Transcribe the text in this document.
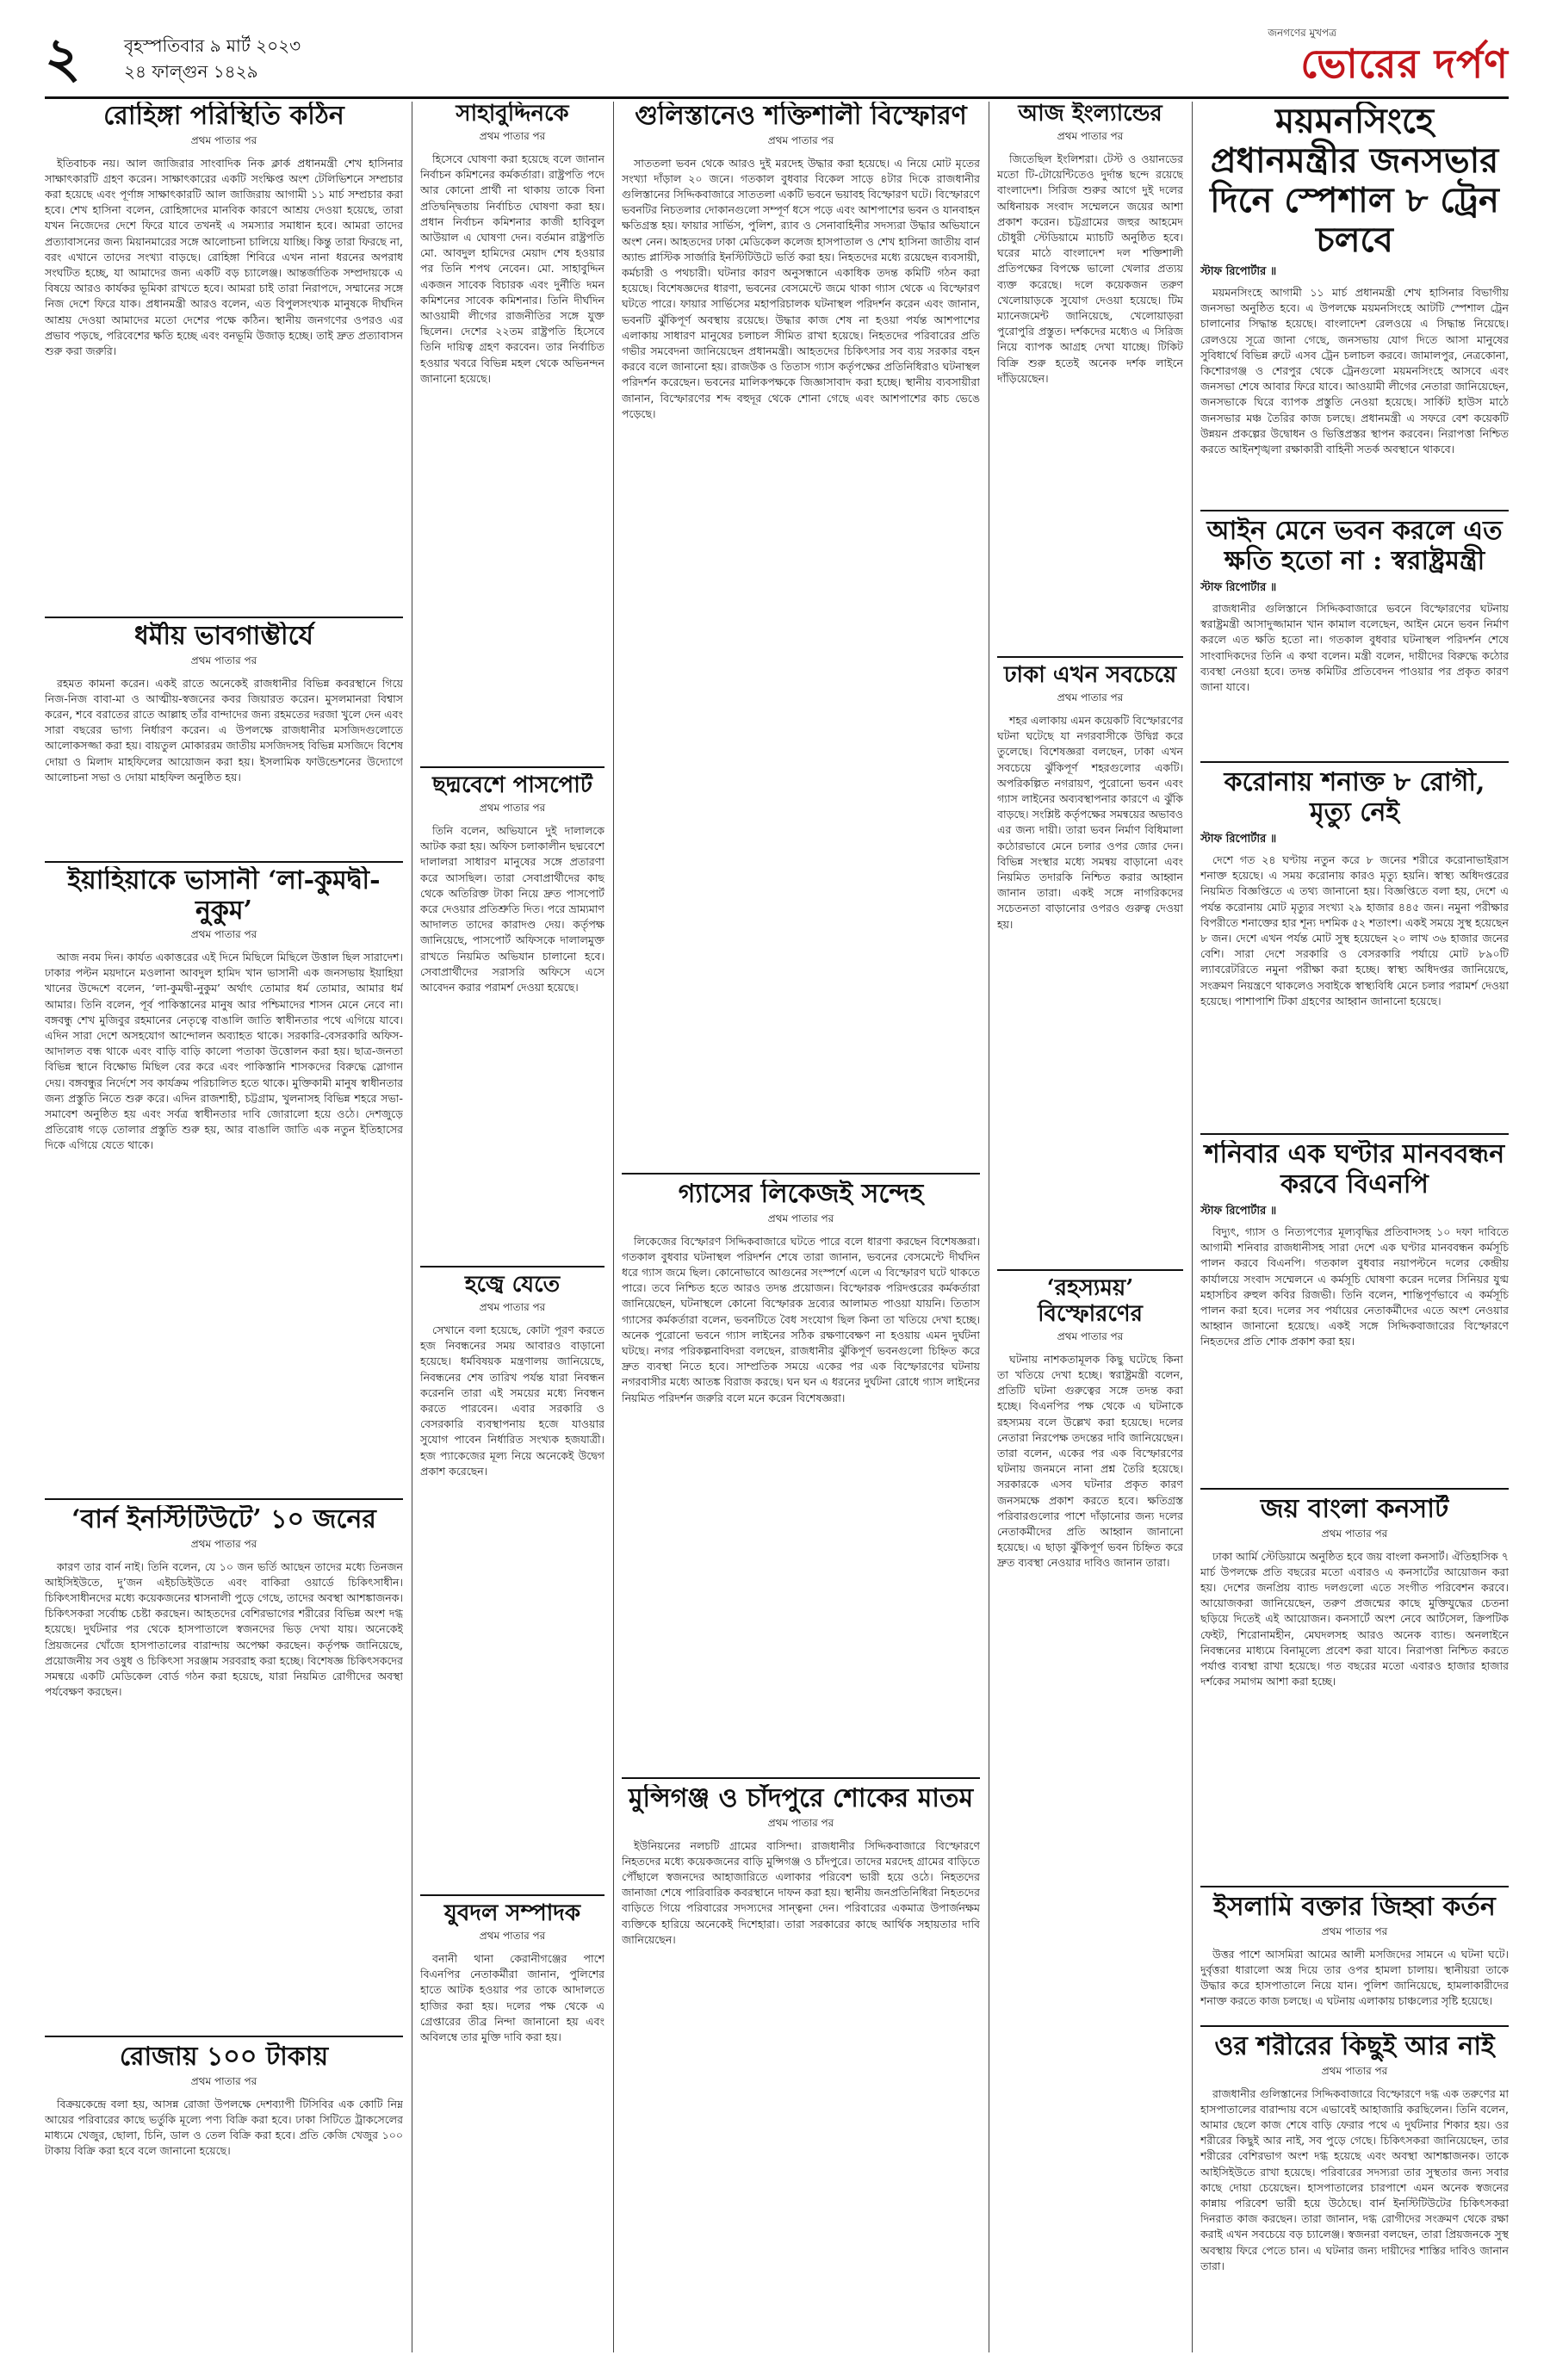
২	বৃহস্পতিবার ৯ মার্ট ২০২৩
২৪ ফাল্গুন ১৪২৯
জনগণের মুখপত্র
ভোরের দর্পণ
রোহিঙ্গা পরিস্থিতি কঠিন
প্রথম পাতার পর

ইতিবাচক নয়। আল জাজিরার সাংবাদিক নিক ক্লার্ক প্রধানমন্ত্রী শেখ হাসিনার সাক্ষাৎকারটি গ্রহণ করেন। সাক্ষাৎকারের একটি সংক্ষিপ্ত অংশ টেলিভিশনে সম্প্রচার করা হয়েছে এবং পূর্ণাঙ্গ সাক্ষাৎকারটি আল জাজিরায় আগামী ১১ মার্চ সম্প্রচার করা হবে। শেখ হাসিনা বলেন, রোহিঙ্গাদের মানবিক কারণে আশ্রয় দেওয়া হয়েছে, তারা যখন নিজেদের দেশে ফিরে যাবে তখনই এ সমস্যার সমাধান হবে। আমরা তাদের প্রত্যাবাসনের জন্য মিয়ানমারের সঙ্গে আলোচনা চালিয়ে যাচ্ছি। কিন্তু তারা ফিরছে না, বরং এখানে তাদের সংখ্যা বাড়ছে। রোহিঙ্গা শিবিরে এখন নানা ধরনের অপরাধ সংঘটিত হচ্ছে, যা আমাদের জন্য একটি বড় চ্যালেঞ্জ। আন্তর্জাতিক সম্প্রদায়কে এ বিষয়ে আরও কার্যকর ভূমিকা রাখতে হবে। আমরা চাই তারা নিরাপদে, সম্মানের সঙ্গে নিজ দেশে ফিরে যাক। প্রধানমন্ত্রী আরও বলেন, এত বিপুলসংখ্যক মানুষকে দীর্ঘদিন আশ্রয় দেওয়া আমাদের মতো দেশের পক্ষে কঠিন। স্থানীয় জনগণের ওপরও এর প্রভাব পড়ছে, পরিবেশের ক্ষতি হচ্ছে এবং বনভূমি উজাড় হচ্ছে। তাই দ্রুত প্রত্যাবাসন শুরু করা জরুরি।

ধর্মীয় ভাবগাম্ভীর্যে
প্রথম পাতার পর

রহমত কামনা করেন। একই রাতে অনেকেই রাজধানীর বিভিন্ন কবরস্থানে গিয়ে নিজ-নিজ বাবা-মা ও আত্মীয়-স্বজনের কবর জিয়ারত করেন। মুসলমানরা বিশ্বাস করেন, শবে বরাতের রাতে আল্লাহ তাঁর বান্দাদের জন্য রহমতের দরজা খুলে দেন এবং সারা বছরের ভাগ্য নির্ধারণ করেন। এ উপলক্ষে রাজধানীর মসজিদগুলোতে আলোকসজ্জা করা হয়। বায়তুল মোকাররম জাতীয় মসজিদসহ বিভিন্ন মসজিদে বিশেষ দোয়া ও মিলাদ মাহফিলের আয়োজন করা হয়। ইসলামিক ফাউন্ডেশনের উদ্যোগে আলোচনা সভা ও দোয়া মাহফিল অনুষ্ঠিত হয়।

ইয়াহিয়াকে ভাসানী ‘লা-কুমদ্বী-নুকুম’
প্রথম পাতার পর

আজ নবম দিন। কার্যত একাত্তরের এই দিনে মিছিলে মিছিলে উত্তাল ছিল সারাদেশ। ঢাকার পল্টন ময়দানে মওলানা আবদুল হামিদ খান ভাসানী এক জনসভায় ইয়াহিয়া খানের উদ্দেশে বলেন, ‘লা-কুমদ্বী-নুকুম’ অর্থাৎ তোমার ধর্ম তোমার, আমার ধর্ম আমার। তিনি বলেন, পূর্ব পাকিস্তানের মানুষ আর পশ্চিমাদের শাসন মেনে নেবে না। বঙ্গবন্ধু শেখ মুজিবুর রহমানের নেতৃত্বে বাঙালি জাতি স্বাধীনতার পথে এগিয়ে যাবে। এদিন সারা দেশে অসহযোগ আন্দোলন অব্যাহত থাকে। সরকারি-বেসরকারি অফিস-আদালত বন্ধ থাকে এবং বাড়ি বাড়ি কালো পতাকা উত্তোলন করা হয়। ছাত্র-জনতা বিভিন্ন স্থানে বিক্ষোভ মিছিল বের করে এবং পাকিস্তানি শাসকদের বিরুদ্ধে স্লোগান দেয়। বঙ্গবন্ধুর নির্দেশে সব কার্যক্রম পরিচালিত হতে থাকে। মুক্তিকামী মানুষ স্বাধীনতার জন্য প্রস্তুতি নিতে শুরু করে। এদিন রাজশাহী, চট্টগ্রাম, খুলনাসহ বিভিন্ন শহরে সভা-সমাবেশ অনুষ্ঠিত হয় এবং সর্বত্র স্বাধীনতার দাবি জোরালো হয়ে ওঠে। দেশজুড়ে প্রতিরোধ গড়ে তোলার প্রস্তুতি শুরু হয়, আর বাঙালি জাতি এক নতুন ইতিহাসের দিকে এগিয়ে যেতে থাকে।

‘বার্ন ইনস্টিটিউটে’ ১০ জনের
প্রথম পাতার পর

কারণ তার বার্ন নাই। তিনি বলেন, যে ১০ জন ভর্তি আছেন তাদের মধ্যে তিনজন আইসিইউতে, দু’জন এইচডিইউতে এবং বাকিরা ওয়ার্ডে চিকিৎসাধীন। চিকিৎসাধীনদের মধ্যে কয়েকজনের শ্বাসনালী পুড়ে গেছে, তাদের অবস্থা আশঙ্কাজনক। চিকিৎসকরা সর্বোচ্চ চেষ্টা করছেন। আহতদের বেশিরভাগের শরীরের বিভিন্ন অংশ দগ্ধ হয়েছে। দুর্ঘটনার পর থেকে হাসপাতালে স্বজনদের ভিড় দেখা যায়। অনেকেই প্রিয়জনের খোঁজে হাসপাতালের বারান্দায় অপেক্ষা করছেন। কর্তৃপক্ষ জানিয়েছে, প্রয়োজনীয় সব ওষুধ ও চিকিৎসা সরঞ্জাম সরবরাহ করা হচ্ছে। বিশেষজ্ঞ চিকিৎসকদের সমন্বয়ে একটি মেডিকেল বোর্ড গঠন করা হয়েছে, যারা নিয়মিত রোগীদের অবস্থা পর্যবেক্ষণ করছেন।

রোজায় ১০০ টাকায়
প্রথম পাতার পর

বিক্রয়কেন্দ্রে বলা হয়, আসন্ন রোজা উপলক্ষে দেশব্যাপী টিসিবির এক কোটি নিম্ন আয়ের পরিবারের কাছে ভর্তুকি মূল্যে পণ্য বিক্রি করা হবে। ঢাকা সিটিতে ট্রাকসেলের মাধ্যমে খেজুর, ছোলা, চিনি, ডাল ও তেল বিক্রি করা হবে। প্রতি কেজি খেজুর ১০০ টাকায় বিক্রি করা হবে বলে জানানো হয়েছে।

সাহাবুদ্দিনকে
প্রথম পাতার পর

হিসেবে ঘোষণা করা হয়েছে বলে জানান নির্বাচন কমিশনের কর্মকর্তারা। রাষ্ট্রপতি পদে আর কোনো প্রার্থী না থাকায় তাকে বিনা প্রতিদ্বন্দ্বিতায় নির্বাচিত ঘোষণা করা হয়। প্রধান নির্বাচন কমিশনার কাজী হাবিবুল আউয়াল এ ঘোষণা দেন। বর্তমান রাষ্ট্রপতি মো. আবদুল হামিদের মেয়াদ শেষ হওয়ার পর তিনি শপথ নেবেন। মো. সাহাবুদ্দিন একজন সাবেক বিচারক এবং দুর্নীতি দমন কমিশনের সাবেক কমিশনার। তিনি দীর্ঘদিন আওয়ামী লীগের রাজনীতির সঙ্গে যুক্ত ছিলেন। দেশের ২২তম রাষ্ট্রপতি হিসেবে তিনি দায়িত্ব গ্রহণ করবেন। তার নির্বাচিত হওয়ার খবরে বিভিন্ন মহল থেকে অভিনন্দন জানানো হয়েছে।

ছদ্মবেশে পাসপোর্ট
প্রথম পাতার পর

তিনি বলেন, অভিযানে দুই দালালকে আটক করা হয়। অফিস চলাকালীন ছদ্মবেশে দালালরা সাধারণ মানুষের সঙ্গে প্রতারণা করে আসছিল। তারা সেবাপ্রার্থীদের কাছ থেকে অতিরিক্ত টাকা নিয়ে দ্রুত পাসপোর্ট করে দেওয়ার প্রতিশ্রুতি দিত। পরে ভ্রাম্যমাণ আদালত তাদের কারাদণ্ড দেয়। কর্তৃপক্ষ জানিয়েছে, পাসপোর্ট অফিসকে দালালমুক্ত রাখতে নিয়মিত অভিযান চালানো হবে। সেবাপ্রার্থীদের সরাসরি অফিসে এসে আবেদন করার পরামর্শ দেওয়া হয়েছে।

হজ্বে যেতে
প্রথম পাতার পর

সেখানে বলা হয়েছে, কোটা পূরণ করতে হজ নিবন্ধনের সময় আবারও বাড়ানো হয়েছে। ধর্মবিষয়ক মন্ত্রণালয় জানিয়েছে, নিবন্ধনের শেষ তারিখ পর্যন্ত যারা নিবন্ধন করেননি তারা এই সময়ের মধ্যে নিবন্ধন করতে পারবেন। এবার সরকারি ও বেসরকারি ব্যবস্থাপনায় হজে যাওয়ার সুযোগ পাবেন নির্ধারিত সংখ্যক হজযাত্রী। হজ প্যাকেজের মূল্য নিয়ে অনেকেই উদ্বেগ প্রকাশ করেছেন।

যুবদল সম্পাদক
প্রথম পাতার পর

বনানী থানা কেরানীগঞ্জের পাশে বিএনপির নেতাকর্মীরা জানান, পুলিশের হাতে আটক হওয়ার পর তাকে আদালতে হাজির করা হয়। দলের পক্ষ থেকে এ গ্রেপ্তারের তীব্র নিন্দা জানানো হয় এবং অবিলম্বে তার মুক্তি দাবি করা হয়।

গুলিস্তানেও শক্তিশালী বিস্ফোরণ
প্রথম পাতার পর

সাততলা ভবন থেকে আরও দুই মরদেহ উদ্ধার করা হয়েছে। এ নিয়ে মোট মৃতের সংখ্যা দাঁড়াল ২০ জনে। গতকাল বুধবার বিকেল সাড়ে ৪টার দিকে রাজধানীর গুলিস্তানের সিদ্দিকবাজারে সাততলা একটি ভবনে ভয়াবহ বিস্ফোরণ ঘটে। বিস্ফোরণে ভবনটির নিচতলার দোকানগুলো সম্পূর্ণ ধসে পড়ে এবং আশপাশের ভবন ও যানবাহন ক্ষতিগ্রস্ত হয়। ফায়ার সার্ভিস, পুলিশ, র‍্যাব ও সেনাবাহিনীর সদস্যরা উদ্ধার অভিযানে অংশ নেন। আহতদের ঢাকা মেডিকেল কলেজ হাসপাতাল ও শেখ হাসিনা জাতীয় বার্ন অ্যান্ড প্লাস্টিক সার্জারি ইনস্টিটিউটে ভর্তি করা হয়। নিহতদের মধ্যে রয়েছেন ব্যবসায়ী, কর্মচারী ও পথচারী। ঘটনার কারণ অনুসন্ধানে একাধিক তদন্ত কমিটি গঠন করা হয়েছে। বিশেষজ্ঞদের ধারণা, ভবনের বেসমেন্টে জমে থাকা গ্যাস থেকে এ বিস্ফোরণ ঘটতে পারে। ফায়ার সার্ভিসের মহাপরিচালক ঘটনাস্থল পরিদর্শন করেন এবং জানান, ভবনটি ঝুঁকিপূর্ণ অবস্থায় রয়েছে। উদ্ধার কাজ শেষ না হওয়া পর্যন্ত আশপাশের এলাকায় সাধারণ মানুষের চলাচল সীমিত রাখা হয়েছে। নিহতদের পরিবারের প্রতি গভীর সমবেদনা জানিয়েছেন প্রধানমন্ত্রী। আহতদের চিকিৎসার সব ব্যয় সরকার বহন করবে বলে জানানো হয়। রাজউক ও তিতাস গ্যাস কর্তৃপক্ষের প্রতিনিধিরাও ঘটনাস্থল পরিদর্শন করেছেন। ভবনের মালিকপক্ষকে জিজ্ঞাসাবাদ করা হচ্ছে। স্থানীয় ব্যবসায়ীরা জানান, বিস্ফোরণের শব্দ বহুদূর থেকে শোনা গেছে এবং আশপাশের কাচ ভেঙে পড়েছে।

গ্যাসের লিকেজই সন্দেহ
প্রথম পাতার পর

লিকেজের বিস্ফোরণ সিদ্দিকবাজারে ঘটতে পারে বলে ধারণা করছেন বিশেষজ্ঞরা। গতকাল বুধবার ঘটনাস্থল পরিদর্শন শেষে তারা জানান, ভবনের বেসমেন্টে দীর্ঘদিন ধরে গ্যাস জমে ছিল। কোনোভাবে আগুনের সংস্পর্শে এলে এ বিস্ফোরণ ঘটে থাকতে পারে। তবে নিশ্চিত হতে আরও তদন্ত প্রয়োজন। বিস্ফোরক পরিদপ্তরের কর্মকর্তারা জানিয়েছেন, ঘটনাস্থলে কোনো বিস্ফোরক দ্রব্যের আলামত পাওয়া যায়নি। তিতাস গ্যাসের কর্মকর্তারা বলেন, ভবনটিতে বৈধ সংযোগ ছিল কিনা তা খতিয়ে দেখা হচ্ছে। অনেক পুরোনো ভবনে গ্যাস লাইনের সঠিক রক্ষণাবেক্ষণ না হওয়ায় এমন দুর্ঘটনা ঘটছে। নগর পরিকল্পনাবিদরা বলছেন, রাজধানীর ঝুঁকিপূর্ণ ভবনগুলো চিহ্নিত করে দ্রুত ব্যবস্থা নিতে হবে। সাম্প্রতিক সময়ে একের পর এক বিস্ফোরণের ঘটনায় নগরবাসীর মধ্যে আতঙ্ক বিরাজ করছে। ঘন ঘন এ ধরনের দুর্ঘটনা রোধে গ্যাস লাইনের নিয়মিত পরিদর্শন জরুরি বলে মনে করেন বিশেষজ্ঞরা।

মুন্সিগঞ্জ ও চাঁদপুরে শোকের মাতম
প্রথম পাতার পর

ইউনিয়নের নলচটি গ্রামের বাসিন্দা। রাজধানীর সিদ্দিকবাজারে বিস্ফোরণে নিহতদের মধ্যে কয়েকজনের বাড়ি মুন্সিগঞ্জ ও চাঁদপুরে। তাদের মরদেহ গ্রামের বাড়িতে পৌঁছালে স্বজনদের আহাজারিতে এলাকার পরিবেশ ভারী হয়ে ওঠে। নিহতদের জানাজা শেষে পারিবারিক কবরস্থানে দাফন করা হয়। স্থানীয় জনপ্রতিনিধিরা নিহতদের বাড়িতে গিয়ে পরিবারের সদস্যদের সান্ত্বনা দেন। পরিবারের একমাত্র উপার্জনক্ষম ব্যক্তিকে হারিয়ে অনেকেই দিশেহারা। তারা সরকারের কাছে আর্থিক সহায়তার দাবি জানিয়েছেন।

আজ ইংল্যান্ডের
প্রথম পাতার পর

জিতেছিল ইংলিশরা। টেস্ট ও ওয়ানডের মতো টি-টোয়েন্টিতেও দুর্দান্ত ছন্দে রয়েছে বাংলাদেশ। সিরিজ শুরুর আগে দুই দলের অধিনায়ক সংবাদ সম্মেলনে জয়ের আশা প্রকাশ করেন। চট্টগ্রামের জহুর আহমেদ চৌধুরী স্টেডিয়ামে ম্যাচটি অনুষ্ঠিত হবে। ঘরের মাঠে বাংলাদেশ দল শক্তিশালী প্রতিপক্ষের বিপক্ষে ভালো খেলার প্রত্যয় ব্যক্ত করেছে। দলে কয়েকজন তরুণ খেলোয়াড়কে সুযোগ দেওয়া হয়েছে। টিম ম্যানেজমেন্ট জানিয়েছে, খেলোয়াড়রা পুরোপুরি প্রস্তুত। দর্শকদের মধ্যেও এ সিরিজ নিয়ে ব্যাপক আগ্রহ দেখা যাচ্ছে। টিকিট বিক্রি শুরু হতেই অনেক দর্শক লাইনে দাঁড়িয়েছেন।

ঢাকা এখন সবচেয়ে
প্রথম পাতার পর

শহর এলাকায় এমন কয়েকটি বিস্ফোরণের ঘটনা ঘটেছে যা নগরবাসীকে উদ্বিগ্ন করে তুলেছে। বিশেষজ্ঞরা বলছেন, ঢাকা এখন সবচেয়ে ঝুঁকিপূর্ণ শহরগুলোর একটি। অপরিকল্পিত নগরায়ণ, পুরোনো ভবন এবং গ্যাস লাইনের অব্যবস্থাপনার কারণে এ ঝুঁকি বাড়ছে। সংশ্লিষ্ট কর্তৃপক্ষের সমন্বয়ের অভাবও এর জন্য দায়ী। তারা ভবন নির্মাণ বিধিমালা কঠোরভাবে মেনে চলার ওপর জোর দেন। বিভিন্ন সংস্থার মধ্যে সমন্বয় বাড়ানো এবং নিয়মিত তদারকি নিশ্চিত করার আহ্বান জানান তারা। একই সঙ্গে নাগরিকদের সচেতনতা বাড়ানোর ওপরও গুরুত্ব দেওয়া হয়।

‘রহস্যময়’ বিস্ফোরণের
প্রথম পাতার পর

ঘটনায় নাশকতামূলক কিছু ঘটেছে কিনা তা খতিয়ে দেখা হচ্ছে। স্বরাষ্ট্রমন্ত্রী বলেন, প্রতিটি ঘটনা গুরুত্বের সঙ্গে তদন্ত করা হচ্ছে। বিএনপির পক্ষ থেকে এ ঘটনাকে রহস্যময় বলে উল্লেখ করা হয়েছে। দলের নেতারা নিরপেক্ষ তদন্তের দাবি জানিয়েছেন। তারা বলেন, একের পর এক বিস্ফোরণের ঘটনায় জনমনে নানা প্রশ্ন তৈরি হয়েছে। সরকারকে এসব ঘটনার প্রকৃত কারণ জনসমক্ষে প্রকাশ করতে হবে। ক্ষতিগ্রস্ত পরিবারগুলোর পাশে দাঁড়ানোর জন্য দলের নেতাকর্মীদের প্রতি আহ্বান জানানো হয়েছে। এ ছাড়া ঝুঁকিপূর্ণ ভবন চিহ্নিত করে দ্রুত ব্যবস্থা নেওয়ার দাবিও জানান তারা।

ময়মনসিংহে প্রধানমন্ত্রীর জনসভার দিনে স্পেশাল ৮ ট্রেন চলবে
স্টাফ রিপোর্টার ॥

ময়মনসিংহে আগামী ১১ মার্চ প্রধানমন্ত্রী শেখ হাসিনার বিভাগীয় জনসভা অনুষ্ঠিত হবে। এ উপলক্ষে ময়মনসিংহে আটটি স্পেশাল ট্রেন চালানোর সিদ্ধান্ত হয়েছে। বাংলাদেশ রেলওয়ে এ সিদ্ধান্ত নিয়েছে। রেলওয়ে সূত্রে জানা গেছে, জনসভায় যোগ দিতে আসা মানুষের সুবিধার্থে বিভিন্ন রুটে এসব ট্রেন চলাচল করবে। জামালপুর, নেত্রকোনা, কিশোরগঞ্জ ও শেরপুর থেকে ট্রেনগুলো ময়মনসিংহে আসবে এবং জনসভা শেষে আবার ফিরে যাবে। আওয়ামী লীগের নেতারা জানিয়েছেন, জনসভাকে ঘিরে ব্যাপক প্রস্তুতি নেওয়া হয়েছে। সার্কিট হাউস মাঠে জনসভার মঞ্চ তৈরির কাজ চলছে। প্রধানমন্ত্রী এ সফরে বেশ কয়েকটি উন্নয়ন প্রকল্পের উদ্বোধন ও ভিত্তিপ্রস্তর স্থাপন করবেন। নিরাপত্তা নিশ্চিত করতে আইনশৃঙ্খলা রক্ষাকারী বাহিনী সতর্ক অবস্থানে থাকবে।

আইন মেনে ভবন করলে এত ক্ষতি হতো না : স্বরাষ্ট্রমন্ত্রী
স্টাফ রিপোর্টার ॥

রাজধানীর গুলিস্তানে সিদ্দিকবাজারে ভবনে বিস্ফোরণের ঘটনায় স্বরাষ্ট্রমন্ত্রী আসাদুজ্জামান খান কামাল বলেছেন, আইন মেনে ভবন নির্মাণ করলে এত ক্ষতি হতো না। গতকাল বুধবার ঘটনাস্থল পরিদর্শন শেষে সাংবাদিকদের তিনি এ কথা বলেন। মন্ত্রী বলেন, দায়ীদের বিরুদ্ধে কঠোর ব্যবস্থা নেওয়া হবে। তদন্ত কমিটির প্রতিবেদন পাওয়ার পর প্রকৃত কারণ জানা যাবে।

করোনায় শনাক্ত ৮ রোগী, মৃত্যু নেই
স্টাফ রিপোর্টার ॥

দেশে গত ২৪ ঘণ্টায় নতুন করে ৮ জনের শরীরে করোনাভাইরাস শনাক্ত হয়েছে। এ সময় করোনায় কারও মৃত্যু হয়নি। স্বাস্থ্য অধিদপ্তরের নিয়মিত বিজ্ঞপ্তিতে এ তথ্য জানানো হয়। বিজ্ঞপ্তিতে বলা হয়, দেশে এ পর্যন্ত করোনায় মোট মৃত্যুর সংখ্যা ২৯ হাজার ৪৪৫ জন। নমুনা পরীক্ষার বিপরীতে শনাক্তের হার শূন্য দশমিক ৫২ শতাংশ। একই সময়ে সুস্থ হয়েছেন ৮ জন। দেশে এখন পর্যন্ত মোট সুস্থ হয়েছেন ২০ লাখ ৩৬ হাজার জনের বেশি। সারা দেশে সরকারি ও বেসরকারি পর্যায়ে মোট ৮৯০টি ল্যাবরেটরিতে নমুনা পরীক্ষা করা হচ্ছে। স্বাস্থ্য অধিদপ্তর জানিয়েছে, সংক্রমণ নিয়ন্ত্রণে থাকলেও সবাইকে স্বাস্থ্যবিধি মেনে চলার পরামর্শ দেওয়া হয়েছে। পাশাপাশি টিকা গ্রহণের আহ্বান জানানো হয়েছে।

শনিবার এক ঘণ্টার মানববন্ধন করবে বিএনপি
স্টাফ রিপোর্টার ॥

বিদ্যুৎ, গ্যাস ও নিত্যপণ্যের মূল্যবৃদ্ধির প্রতিবাদসহ ১০ দফা দাবিতে আগামী শনিবার রাজধানীসহ সারা দেশে এক ঘণ্টার মানববন্ধন কর্মসূচি পালন করবে বিএনপি। গতকাল বুধবার নয়াপল্টনে দলের কেন্দ্রীয় কার্যালয়ে সংবাদ সম্মেলনে এ কর্মসূচি ঘোষণা করেন দলের সিনিয়র যুগ্ম মহাসচিব রুহুল কবির রিজভী। তিনি বলেন, শান্তিপূর্ণভাবে এ কর্মসূচি পালন করা হবে। দলের সব পর্যায়ের নেতাকর্মীদের এতে অংশ নেওয়ার আহ্বান জানানো হয়েছে। একই সঙ্গে সিদ্দিকবাজারের বিস্ফোরণে নিহতদের প্রতি শোক প্রকাশ করা হয়।

জয় বাংলা কনসার্ট
প্রথম পাতার পর

ঢাকা আর্মি স্টেডিয়ামে অনুষ্ঠিত হবে জয় বাংলা কনসার্ট। ঐতিহাসিক ৭ মার্চ উপলক্ষে প্রতি বছরের মতো এবারও এ কনসার্টের আয়োজন করা হয়। দেশের জনপ্রিয় ব্যান্ড দলগুলো এতে সংগীত পরিবেশন করবে। আয়োজকরা জানিয়েছেন, তরুণ প্রজন্মের কাছে মুক্তিযুদ্ধের চেতনা ছড়িয়ে দিতেই এই আয়োজন। কনসার্টে অংশ নেবে আর্টসেল, ক্রিপটিক ফেইট, শিরোনামহীন, মেঘদলসহ আরও অনেক ব্যান্ড। অনলাইনে নিবন্ধনের মাধ্যমে বিনামূল্যে প্রবেশ করা যাবে। নিরাপত্তা নিশ্চিত করতে পর্যাপ্ত ব্যবস্থা রাখা হয়েছে। গত বছরের মতো এবারও হাজার হাজার দর্শকের সমাগম আশা করা হচ্ছে।

ইসলামি বক্তার জিহ্বা কর্তন
প্রথম পাতার পর

উত্তর পাশে আসমিরা আমের আলী মসজিদের সামনে এ ঘটনা ঘটে। দুর্বৃত্তরা ধারালো অস্ত্র দিয়ে তার ওপর হামলা চালায়। স্থানীয়রা তাকে উদ্ধার করে হাসপাতালে নিয়ে যান। পুলিশ জানিয়েছে, হামলাকারীদের শনাক্ত করতে কাজ চলছে। এ ঘটনায় এলাকায় চাঞ্চল্যের সৃষ্টি হয়েছে।

ওর শরীরের কিছুই আর নাই
প্রথম পাতার পর

রাজধানীর গুলিস্তানের সিদ্দিকবাজারে বিস্ফোরণে দগ্ধ এক তরুণের মা হাসপাতালের বারান্দায় বসে এভাবেই আহাজারি করছিলেন। তিনি বলেন, আমার ছেলে কাজ শেষে বাড়ি ফেরার পথে এ দুর্ঘটনার শিকার হয়। ওর শরীরের কিছুই আর নাই, সব পুড়ে গেছে। চিকিৎসকরা জানিয়েছেন, তার শরীরের বেশিরভাগ অংশ দগ্ধ হয়েছে এবং অবস্থা আশঙ্কাজনক। তাকে আইসিইউতে রাখা হয়েছে। পরিবারের সদস্যরা তার সুস্থতার জন্য সবার কাছে দোয়া চেয়েছেন। হাসপাতালের চারপাশে এমন অনেক স্বজনের কান্নায় পরিবেশ ভারী হয়ে উঠেছে। বার্ন ইনস্টিটিউটের চিকিৎসকরা দিনরাত কাজ করছেন। তারা জানান, দগ্ধ রোগীদের সংক্রমণ থেকে রক্ষা করাই এখন সবচেয়ে বড় চ্যালেঞ্জ। স্বজনরা বলছেন, তারা প্রিয়জনকে সুস্থ অবস্থায় ফিরে পেতে চান। এ ঘটনার জন্য দায়ীদের শাস্তির দাবিও জানান তারা।
